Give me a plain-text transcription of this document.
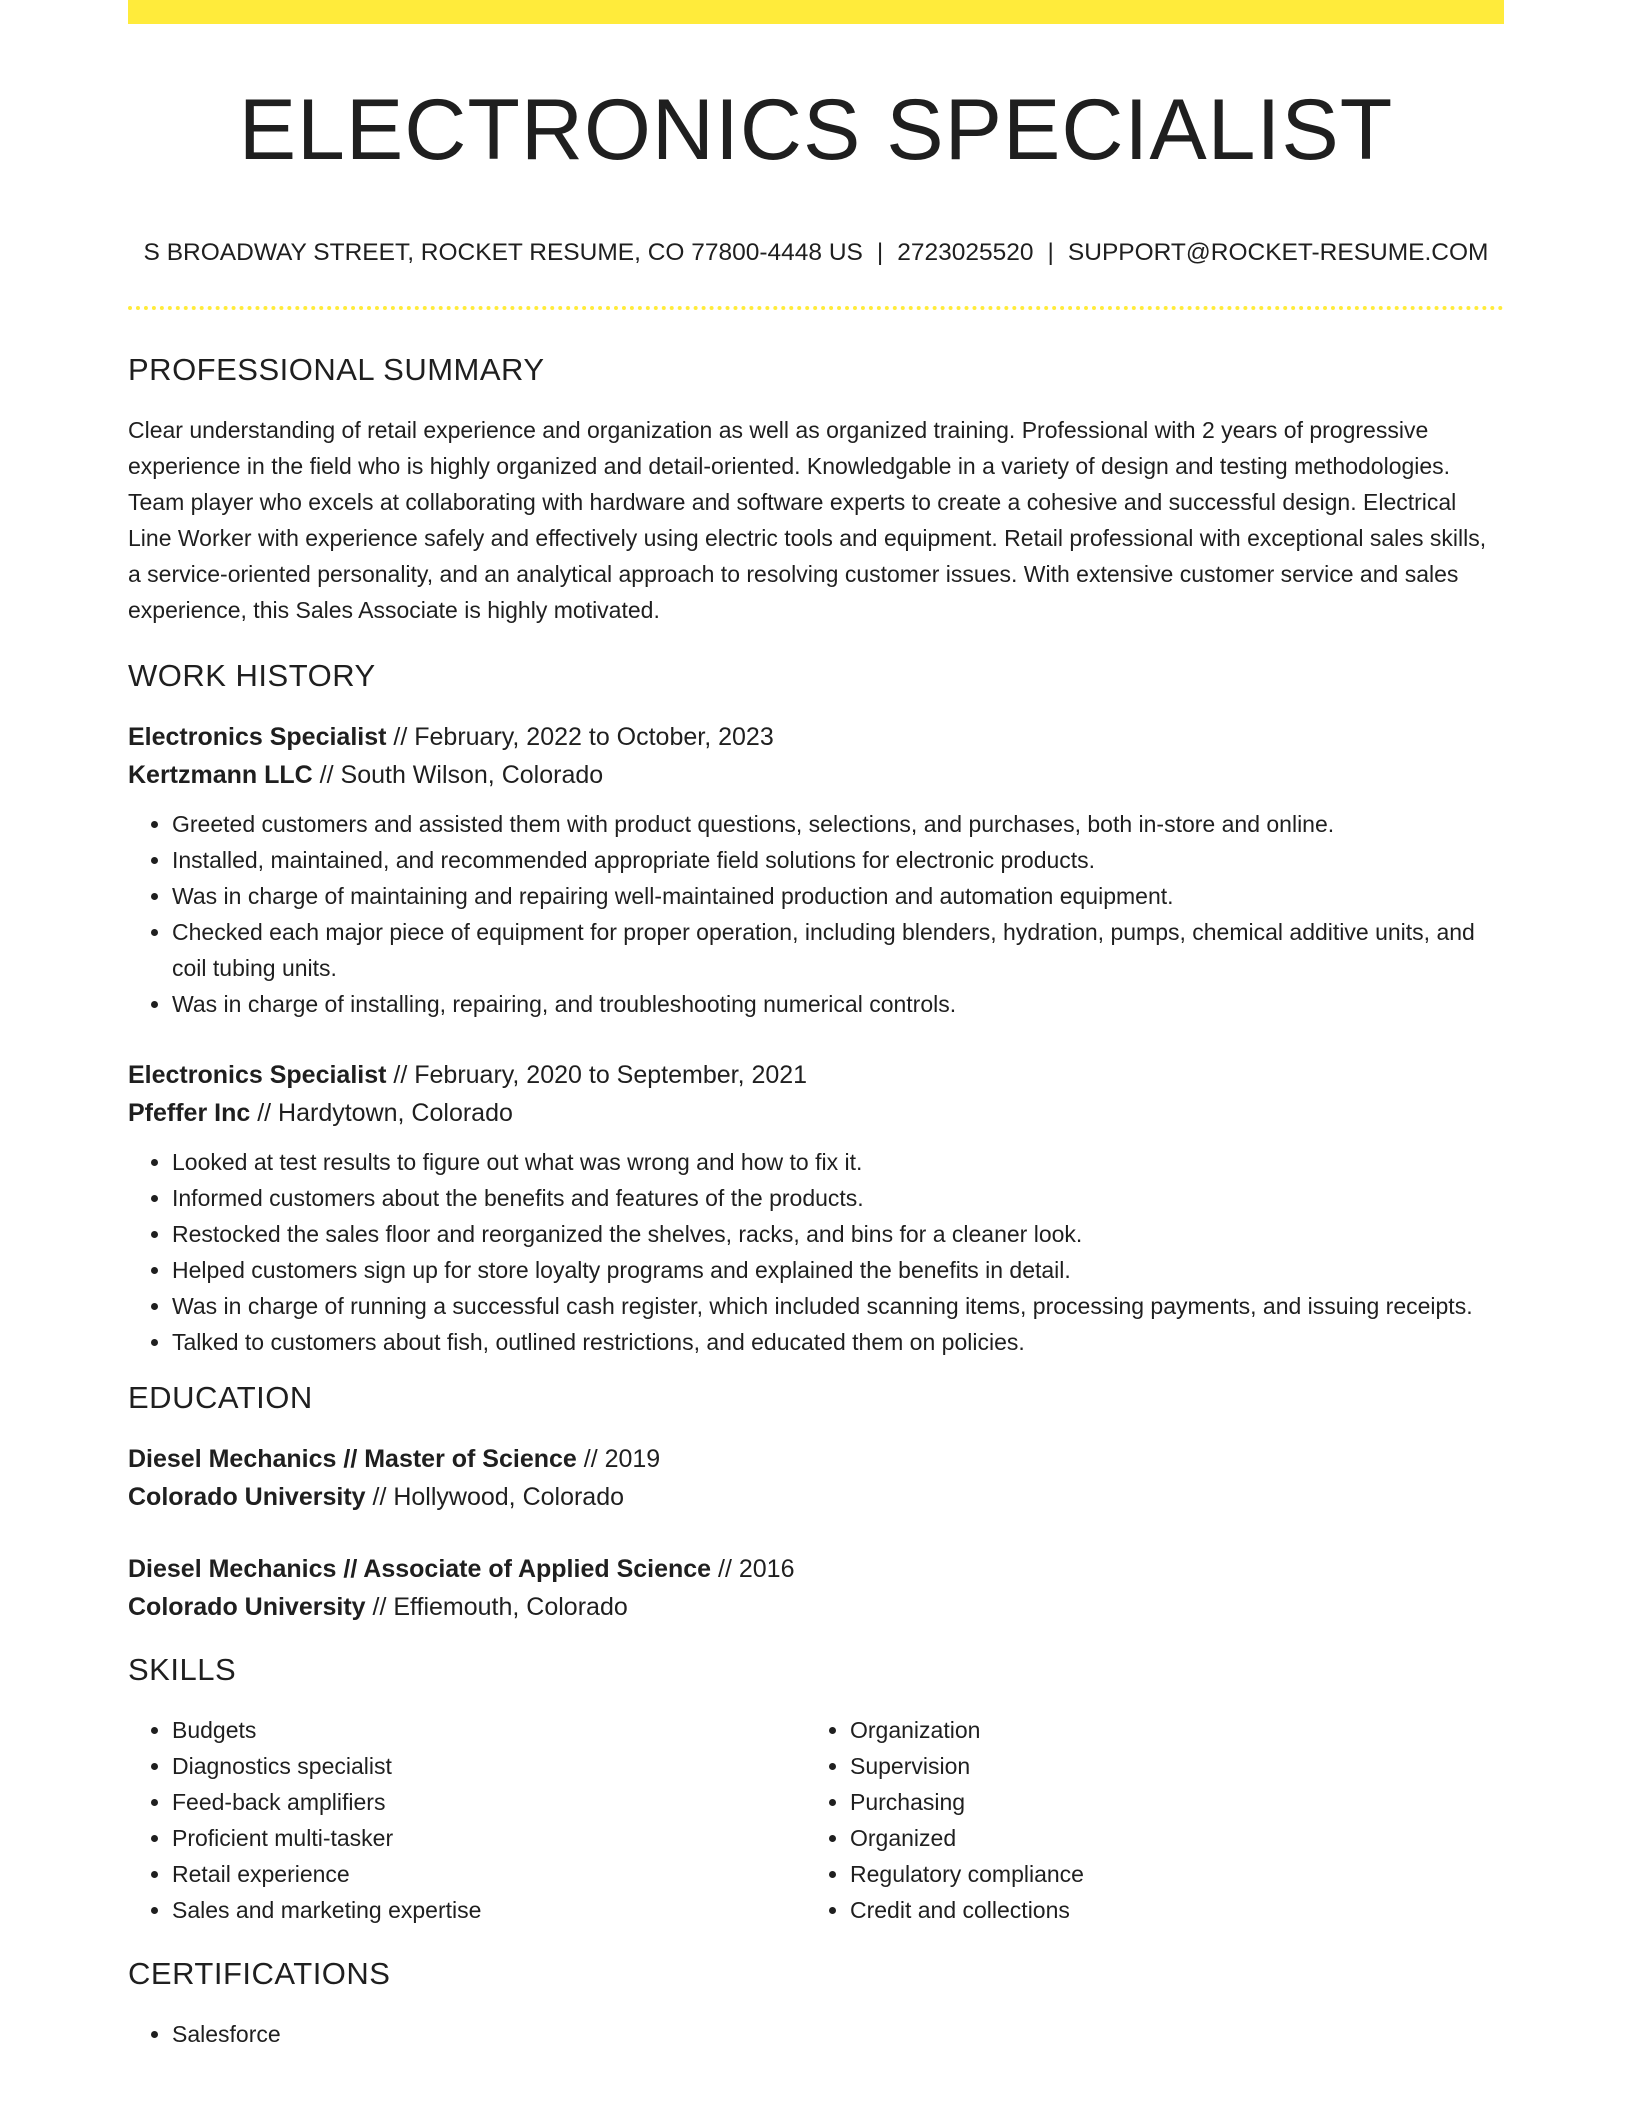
ELECTRONICS SPECIALIST
S BROADWAY STREET, ROCKET RESUME, CO 77800-4448 US | 2723025520 | SUPPORT@ROCKET-RESUME.COM
PROFESSIONAL SUMMARY

Clear understanding of retail experience and organization as well as organized training. Professional with 2 years of progressive experience in the field who is highly organized and detail-oriented. Knowledgable in a variety of design and testing methodologies. Team player who excels at collaborating with hardware and software experts to create a cohesive and successful design. Electrical Line Worker with experience safely and effectively using electric tools and equipment. Retail professional with exceptional sales skills, a service-oriented personality, and an analytical approach to resolving customer issues. With extensive customer service and sales experience, this Sales Associate is highly motivated.

WORK HISTORY

Electronics Specialist // February, 2022 to October, 2023

Kertzmann LLC // South Wilson, Colorado

• Greeted customers and assisted them with product questions, selections, and purchases, both in-store and online.
• Installed, maintained, and recommended appropriate field solutions for electronic products.
• Was in charge of maintaining and repairing well-maintained production and automation equipment.
• Checked each major piece of equipment for proper operation, including blenders, hydration, pumps, chemical additive units, and coil tubing units.
• Was in charge of installing, repairing, and troubleshooting numerical controls.

Electronics Specialist // February, 2020 to September, 2021

Pfeffer Inc // Hardytown, Colorado

• Looked at test results to figure out what was wrong and how to fix it.
• Informed customers about the benefits and features of the products.
• Restocked the sales floor and reorganized the shelves, racks, and bins for a cleaner look.
• Helped customers sign up for store loyalty programs and explained the benefits in detail.
• Was in charge of running a successful cash register, which included scanning items, processing payments, and issuing receipts.
• Talked to customers about fish, outlined restrictions, and educated them on policies.
EDUCATION

Diesel Mechanics // Master of Science // 2019

Colorado University // Hollywood, Colorado

Diesel Mechanics // Associate of Applied Science // 2016

Colorado University // Effiemouth, Colorado

SKILLS
• Budgets
• Diagnostics specialist
• Feed-back amplifiers
• Proficient multi-tasker
• Retail experience
• Sales and marketing expertise
• Organization
• Supervision
• Purchasing
• Organized
• Regulatory compliance
• Credit and collections
CERTIFICATIONS
• Salesforce
